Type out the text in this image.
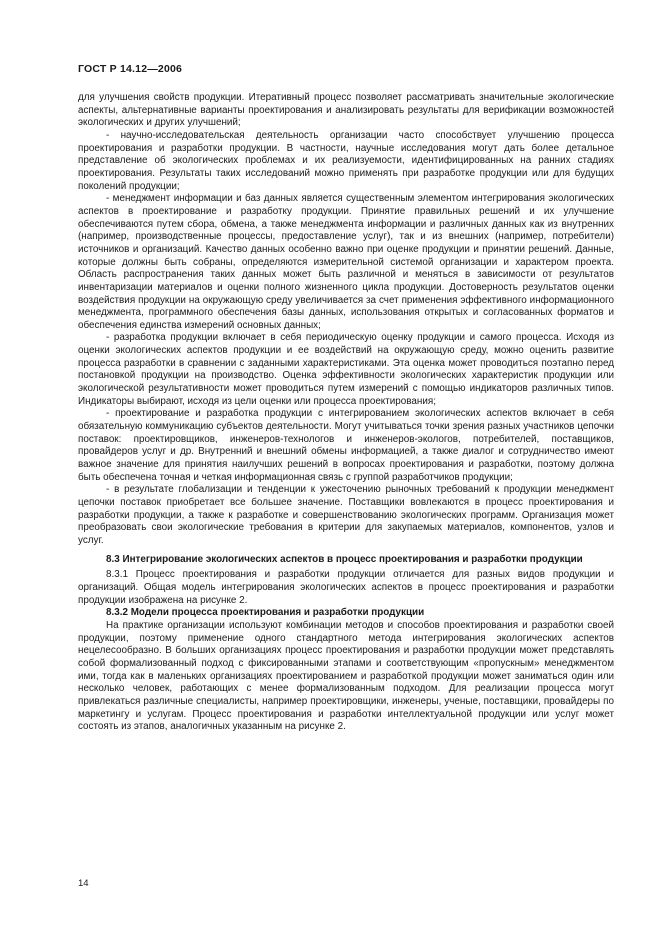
ГОСТ Р 14.12—2006

для улучшения свойств продукции. Итеративный процесс позволяет рассматривать значительные экологические аспекты, альтернативные варианты проектирования и анализировать результаты для верификации возможностей экологических и других улучшений;

- научно-исследовательская деятельность организации часто способствует улучшению процесса проектирования и разработки продукции. В частности, научные исследования могут дать более детальное представление об экологических проблемах и их реализуемости, идентифицированных на ранних стадиях проектирования. Результаты таких исследований можно применять при разработке продукции или для будущих поколений продукции;

- менеджмент информации и баз данных является существенным элементом интегрирования экологических аспектов в проектирование и разработку продукции. Принятие правильных решений и их улучшение обеспечиваются путем сбора, обмена, а также менеджмента информации и различных данных как из внутренних (например, производственные процессы, предоставление услуг), так и из внешних (например, потребители) источников и организаций. Качество данных особенно важно при оценке продукции и принятии решений. Данные, которые должны быть собраны, определяются измерительной системой организации и характером проекта. Область распространения таких данных может быть различной и меняться в зависимости от результатов инвентаризации материалов и оценки полного жизненного цикла продукции. Достоверность результатов оценки воздействия продукции на окружающую среду увеличивается за счет применения эффективного информационного менеджмента, программного обеспечения базы данных, использования открытых и согласованных форматов и обеспечения единства измерений основных данных;

- разработка продукции включает в себя периодическую оценку продукции и самого процесса. Исходя из оценки экологических аспектов продукции и ее воздействий на окружающую среду, можно оценить развитие процесса разработки в сравнении с заданными характеристиками. Эта оценка может проводиться поэтапно перед постановкой продукции на производство. Оценка эффективности экологических характеристик продукции или экологической результативности может проводиться путем измерений с помощью индикаторов различных типов. Индикаторы выбирают, исходя из цели оценки или процесса проектирования;

- проектирование и разработка продукции с интегрированием экологических аспектов включает в себя обязательную коммуникацию субъектов деятельности. Могут учитываться точки зрения разных участников цепочки поставок: проектировщиков, инженеров-технологов и инженеров-экологов, потребителей, поставщиков, провайдеров услуг и др. Внутренний и внешний обмены информацией, а также диалог и сотрудничество имеют важное значение для принятия наилучших решений в вопросах проектирования и разработки, поэтому должна быть обеспечена точная и четкая информационная связь с группой разработчиков продукции;

- в результате глобализации и тенденции к ужесточению рыночных требований к продукции менеджмент цепочки поставок приобретает все большее значение. Поставщики вовлекаются в процесс проектирования и разработки продукции, а также к разработке и совершенствованию экологических программ. Организация может преобразовать свои экологические требования в критерии для закупаемых материалов, компонентов, узлов и услуг.

8.3 Интегрирование экологических аспектов в процесс проектирования и разработки продукции

8.3.1 Процесс проектирования и разработки продукции отличается для разных видов продукции и организаций. Общая модель интегрирования экологических аспектов в процесс проектирования и разработки продукции изображена на рисунке 2.

8.3.2 Модели процесса проектирования и разработки продукции

На практике организации используют комбинации методов и способов проектирования и разработки своей продукции, поэтому применение одного стандартного метода интегрирования экологических аспектов нецелесообразно. В больших организациях процесс проектирования и разработки продукции может представлять собой формализованный подход с фиксированными этапами и соответствующим «пропускным» менеджментом ими, тогда как в маленьких организациях проектированием и разработкой продукции может заниматься один или несколько человек, работающих с менее формализованным подходом. Для реализации процесса могут привлекаться различные специалисты, например проектировщики, инженеры, ученые, поставщики, провайдеры по маркетингу и услугам. Процесс проектирования и разработки интеллектуальной продукции или услуг может состоять из этапов, аналогичных указанным на рисунке 2.

14
